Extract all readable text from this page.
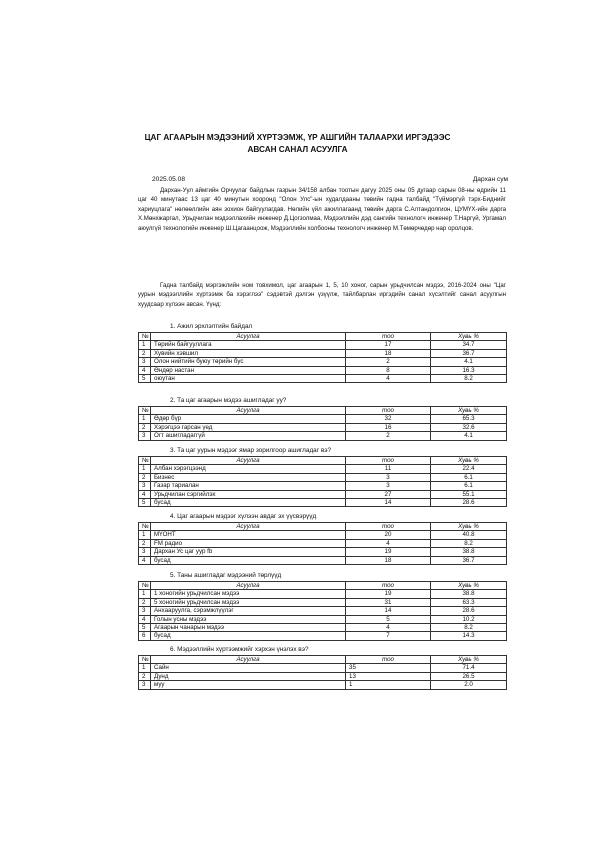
ЦАГ АГААРЫН МЭДЭЭНИЙ ХҮРТЭЭМЖ, ҮР АШГИЙН ТАЛААРХИ ИРГЭДЭЭС
АВСАН САНАЛ АСУУЛГА
2025.05.08	Дархан сум

Дархан-Уул аймгийн Орчуулаг байдлын газрын 34/158 албан тоотын дагуу 2025 оны 05 дугаар сарын 08-ны өдрийн 11 цаг 40 минутаас 13 цаг 40 минутын хооронд "Олон Улс"-ын худалдааны төвийн гадна талбайд "Түймэргүй тэрх-Биднийг хариуцлага" нөлөөллийн аян зохион байгуулагдав. Нөлийн үйл ажиллагаанд төвийн дарга С.Алтандолгион, ЦУМҮХ-ийн дарга Х.Мөнхжаргал, Урьдчилан мэдээллахийн инженер Д.Цогзолмаа, Мэдээллийн дэд сангийн технологч инженер Т.Наргүй, Ургамал аюулгүй технологийн инженер Ш.Цагаанцоож, Мэдээллийн холбооны технологч инженер М.Төмөрчөдөр нар оролцов.

Гадна талбайд мэргэжлийн ном товхимол, цаг агаарын 1, 5, 10 хоног, сарын урьдчилсан мэдээ, 2016-2024 оны "Цаг уурын мэдээллийн хүртээмж ба хэрэглээ" сэдэвтэй дэлгэн үзүүлж, тайлбарлан иргэдийн санал хүсэлтийг санал асуулгын хуудсаар хүлээн авсан. Үүнд:

1. Ажил эрхлэлтийн байдал
№	Асуулга	тоо	Хувь %
1	Төрийн байгууллага	17	34.7
2	Хувийн хэвшил	18	36.7
3	Олон нийтийн буюу төрийн бус	2	4.1
4	Өндөр настан	8	16.3
5	оюутан	4	8.2
2. Та цаг агаарын мэдээ ашигладаг уу?
№	Асуулга	тоо	Хувь %
1	Өдөр бүр	32	65.3
2	Хэрэгцээ гарсан үед	16	32.6
3	Огт ашигладаггүй	2	4.1
3. Та цаг уурын мэдээг ямар зорилгоор ашигладаг вэ?
№	Асуулга	тоо	Хувь %
1	Албан хэрэгцээнд	11	22.4
2	Бизнес	3	6.1
3	Газар тариалан	3	6.1
4	Урьдчилан сэргийлэх	27	55.1
5	бусад	14	28.6
4. Цаг агаарын мэдээг хүлээн авдаг эх үүсвэрүүд
№	Асуулга	тоо	Хувь %
1	МҮОНТ	20	40.8
2	FM радио	4	8.2
3	Дархан Ус цаг уур fb	19	38.8
4	бусад	18	36.7
5. Таны ашигладаг мэдээний төрлүүд
№	Асуулга	тоо	Хувь %
1	1 хоногийн урьдчилсан мэдээ	19	38.8
2	5 хоногийн урьдчилсан мэдээ	31	63.3
3	Анхааруулга, сэрэмжлүүлэг	14	28.6
4	Голын усны мэдээ	5	10.2
5	Агаарын чанарын мэдээ	4	8.2
6	бусад	7	14.3
6. Мэдээллийн хүртээмжийг хэрхэн үнэлэх вэ?
№	Асуулга	тоо	Хувь %
1	Сайн	35	71.4
2	Дунд	13	26.5
3	муу	1	2.0
